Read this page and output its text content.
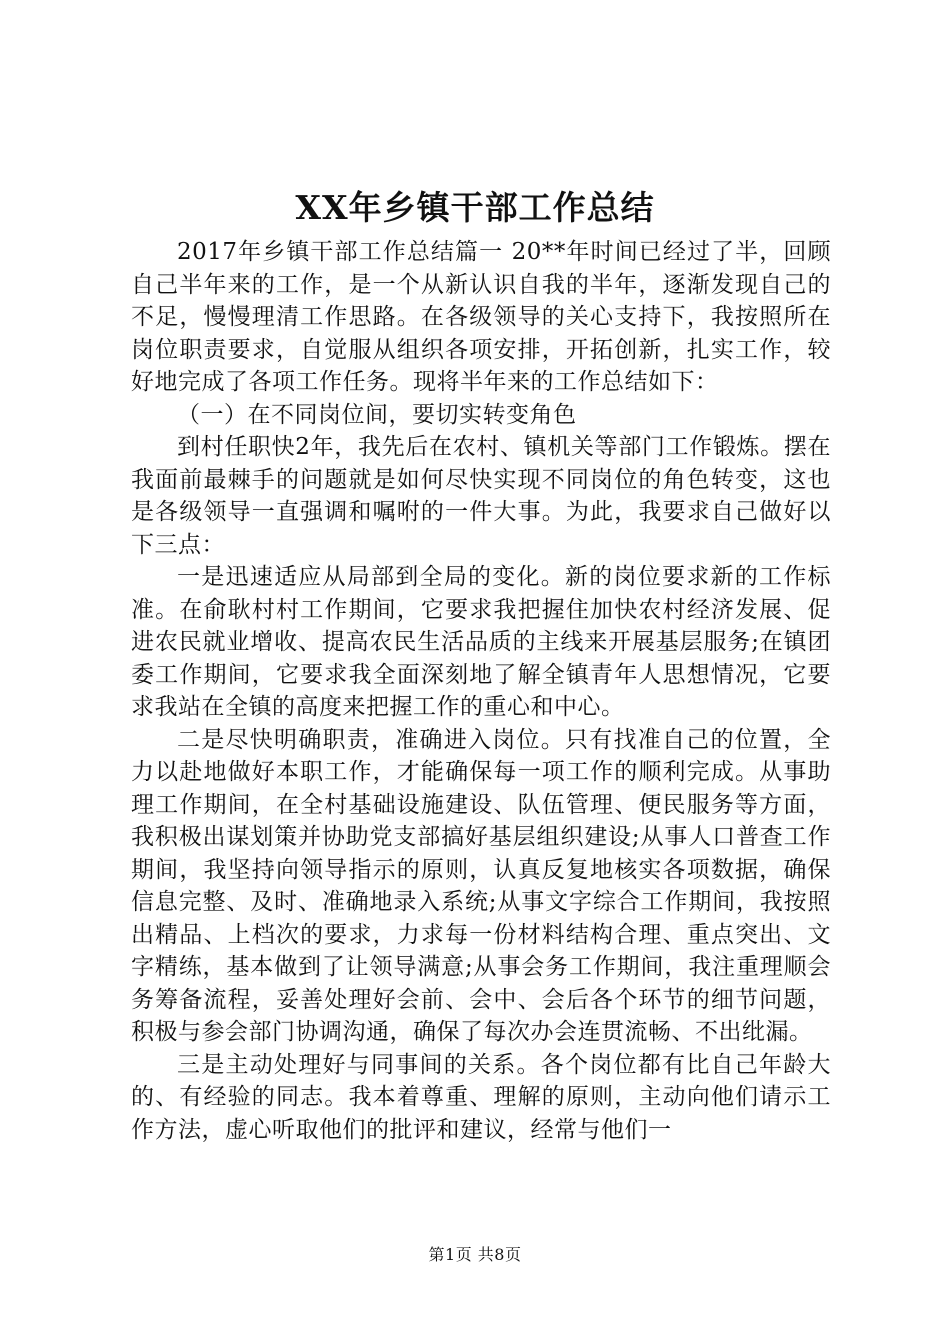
XX年乡镇干部工作总结

2017年乡镇干部工作总结篇一 20**年时间已经过了半，回顾自己半年来的工作，是一个从新认识自我的半年，逐渐发现自己的不足，慢慢理清工作思路。在各级领导的关心支持下，我按照所在岗位职责要求，自觉服从组织各项安排，开拓创新，扎实工作，较好地完成了各项工作任务。现将半年来的工作总结如下：

（一）在不同岗位间，要切实转变角色

到村任职快2年，我先后在农村、镇机关等部门工作锻炼。摆在我面前最棘手的问题就是如何尽快实现不同岗位的角色转变，这也是各级领导一直强调和嘱咐的一件大事。为此，我要求自己做好以下三点：

一是迅速适应从局部到全局的变化。新的岗位要求新的工作标准。在俞耿村村工作期间，它要求我把握住加快农村经济发展、促进农民就业增收、提高农民生活品质的主线来开展基层服务;在镇团委工作期间，它要求我全面深刻地了解全镇青年人思想情况，它要求我站在全镇的高度来把握工作的重心和中心。

二是尽快明确职责，准确进入岗位。只有找准自己的位置，全力以赴地做好本职工作，才能确保每一项工作的顺利完成。从事助理工作期间，在全村基础设施建设、队伍管理、便民服务等方面，我积极出谋划策并协助党支部搞好基层组织建设;从事人口普查工作期间，我坚持向领导指示的原则，认真反复地核实各项数据，确保信息完整、及时、准确地录入系统;从事文字综合工作期间，我按照出精品、上档次的要求，力求每一份材料结构合理、重点突出、文字精练，基本做到了让领导满意;从事会务工作期间，我注重理顺会务筹备流程，妥善处理好会前、会中、会后各个环节的细节问题，积极与参会部门协调沟通，确保了每次办会连贯流畅、不出纰漏。

三是主动处理好与同事间的关系。各个岗位都有比自己年龄大的、有经验的同志。我本着尊重、理解的原则，主动向他们请示工作方法，虚心听取他们的批评和建议，经常与他们一

第1页 共8页
